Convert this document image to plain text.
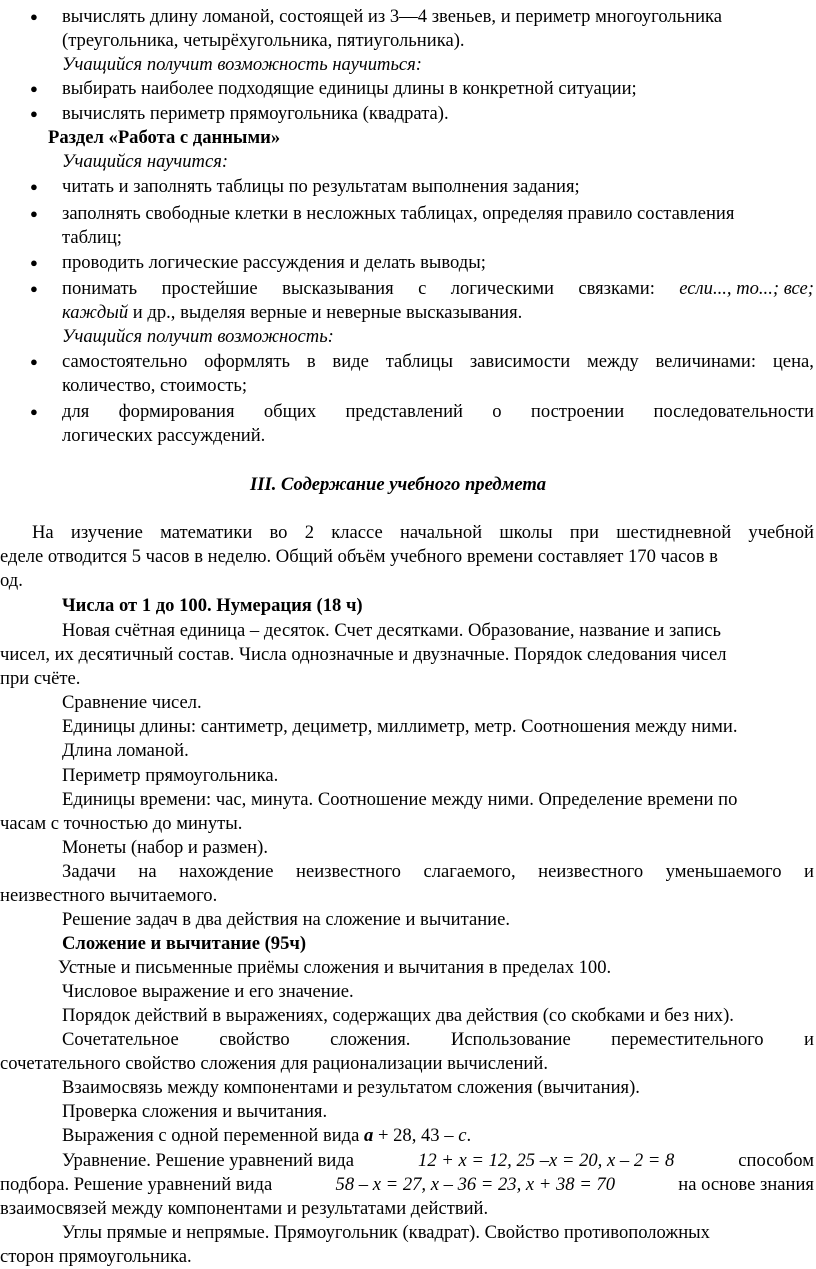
● вычислять длину ломаной, состоящей из 3—4 звеньев, и периметр многоугольника
(треугольника, четырёхугольника, пятиугольника).
Учащийся получит возможность научиться:
● выбирать наиболее подходящие единицы длины в конкретной ситуации;
● вычислять периметр прямоугольника (квадрата).
Раздел «Работа с данными»
Учащийся научится:
● читать и заполнять таблицы по результатам выполнения задания;
● заполнять свободные клетки в несложных таблицах, определяя правило составления
таблиц;
● проводить логические рассуждения и делать выводы;
● понимать простейшие высказывания с логическими связками: если..., то...; все;
каждый и др., выделяя верные и неверные высказывания.
Учащийся получит возможность:
● самостоятельно оформлять в виде таблицы зависимости между величинами: цена,
количество, стоимость;
● для формирования общих представлений о построении последовательности
логических рассуждений.
III. Содержание учебного предмета
На изучение математики во 2 классе начальной школы при шестидневной учебной
еделе отводится 5 часов в неделю. Общий объём учебного времени составляет 170 часов в
од.
Числа от 1 до 100. Нумерация (18 ч)
Новая счётная единица – десяток. Счет десятками. Образование, название и запись
чисел, их десятичный состав. Числа однозначные и двузначные. Порядок следования чисел
при счёте.
Сравнение чисел.
Единицы длины: сантиметр, дециметр, миллиметр, метр. Соотношения между ними.
Длина ломаной.
Периметр прямоугольника.
Единицы времени: час, минута. Соотношение между ними. Определение времени по
часам с точностью до минуты.
Монеты (набор и размен).
Задачи на нахождение неизвестного слагаемого, неизвестного уменьшаемого и
неизвестного вычитаемого.
Решение задач в два действия на сложение и вычитание.
Сложение и вычитание (95ч)
Устные и письменные приёмы сложения и вычитания в пределах 100.
Числовое выражение и его значение.
Порядок действий в выражениях, содержащих два действия (со скобками и без них).
Сочетательное свойство сложения. Использование переместительного и
сочетательного свойство сложения для рационализации вычислений.
Взаимосвязь между компонентами и результатом сложения (вычитания).
Проверка сложения и вычитания.
Выражения с одной переменной вида а + 28, 43 – с.
Уравнение. Решение уравнений вида	12 + х = 12, 25 –х = 20, х – 2 = 8	способом
подбора. Решение уравнений вида	58 – х = 27, х – 36 = 23, х + 38 = 70	на основе знания
взаимосвязей между компонентами и результатами действий.
Углы прямые и непрямые. Прямоугольник (квадрат). Свойство противоположных
сторон прямоугольника.
